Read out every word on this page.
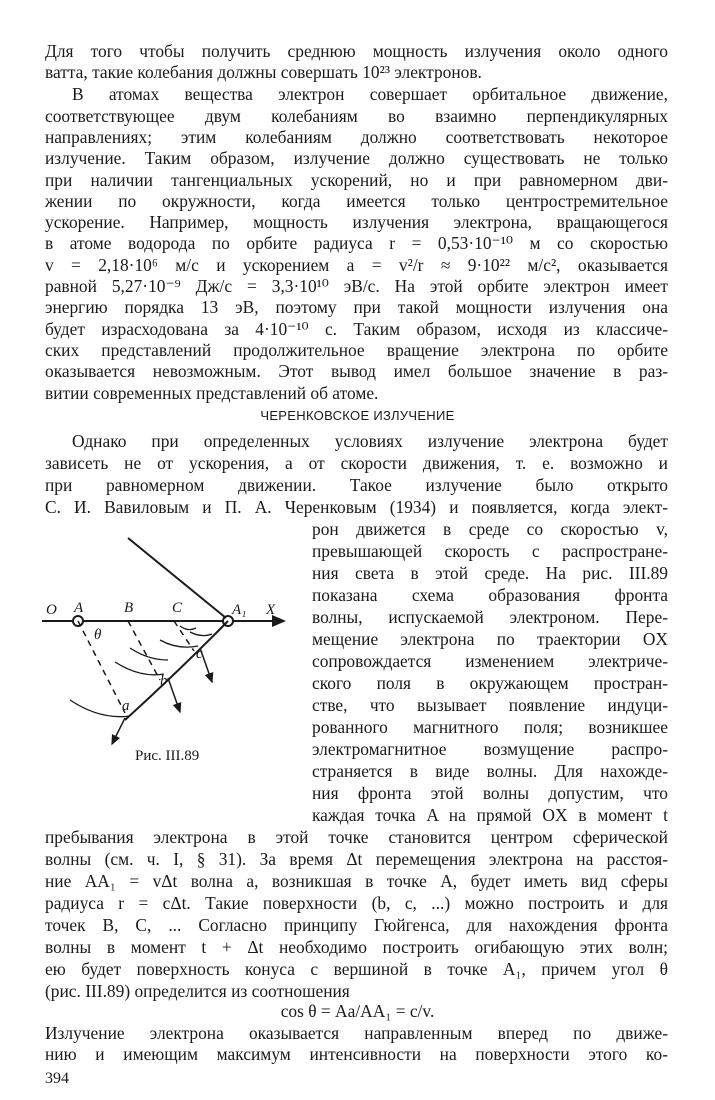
Для того чтобы получить среднюю мощность излучения около одного
ватта, такие колебания должны совершать 10²³ электронов.
В атомах вещества электрон совершает орбитальное движение,
соответствующее двум колебаниям во взаимно перпендикулярных
направлениях; этим колебаниям должно соответствовать некоторое
излучение. Таким образом, излучение должно существовать не только
при наличии тангенциальных ускорений, но и при равномерном дви-
жении по окружности, когда имеется только центростремительное
ускорение. Например, мощность излучения электрона, вращающегося
в атоме водорода по орбите радиуса r = 0,53·10⁻¹⁰ м со скоростью
v = 2,18·10⁶ м/с и ускорением a = v²/r ≈ 9·10²² м/с², оказывается
равной 5,27·10⁻⁹ Дж/с = 3,3·10¹⁰ эВ/с. На этой орбите электрон имеет
энергию порядка 13 эВ, поэтому при такой мощности излучения она
будет израсходована за 4·10⁻¹⁰ с. Таким образом, исходя из классиче-
ских представлений продолжительное вращение электрона по орбите
ЧЕРЕНКОВСКОЕ ИЗЛУЧЕНИЕ
Однако при определенных условиях излучение электрона будет
зависеть не от ускорения, а от скорости движения, т. е. возможно и
при равномерном движении. Такое излучение было открыто
С. И. Вавиловым и П. А. Черенковым (1934) и появляется, когда элект-
рон движется в среде со скоростью v,
превышающей скорость c распростране-
ния света в этой среде. На рис. III.89
показана схема образования фронта
волны, испускаемой электроном. Пере-
мещение электрона по траектории OX
сопровождается изменением электриче-
ского поля в окружающем простран-
стве, что вызывает появление индуци-
рованного магнитного поля; возникшее
электромагнитное возмущение распро-
страняется в виде волны. Для нахожде-
ния фронта этой волны допустим, что
каждая точка A на прямой OX в момент t
O A	B	C	A₁ X
θ
a
b
c
Рис. III.89
пребывания электрона в этой точке становится центром сферической
волны (см. ч. I, § 31). За время Δt перемещения электрона на расстоя-
ние AA₁ = vΔt волна a, возникшая в точке A, будет иметь вид сферы
радиуса r = cΔt. Такие поверхности (b, c, ...) можно построить и для
точек B, C, ... Согласно принципу Гюйгенса, для нахождения фронта
волны в момент t + Δt необходимо построить огибающую этих волн;
ею будет поверхность конуса с вершиной в точке A₁, причем угол θ
(рис. III.89) определится из соотношения
cos θ = Aa/AA₁ = c/v.
394
оказывается невозможным. Этот вывод имел большое значение в раз-
витии современных представлений об атоме.
Излучение электрона оказывается направленным вперед по движе-
нию и имеющим максимум интенсивности на поверхности этого ко-
